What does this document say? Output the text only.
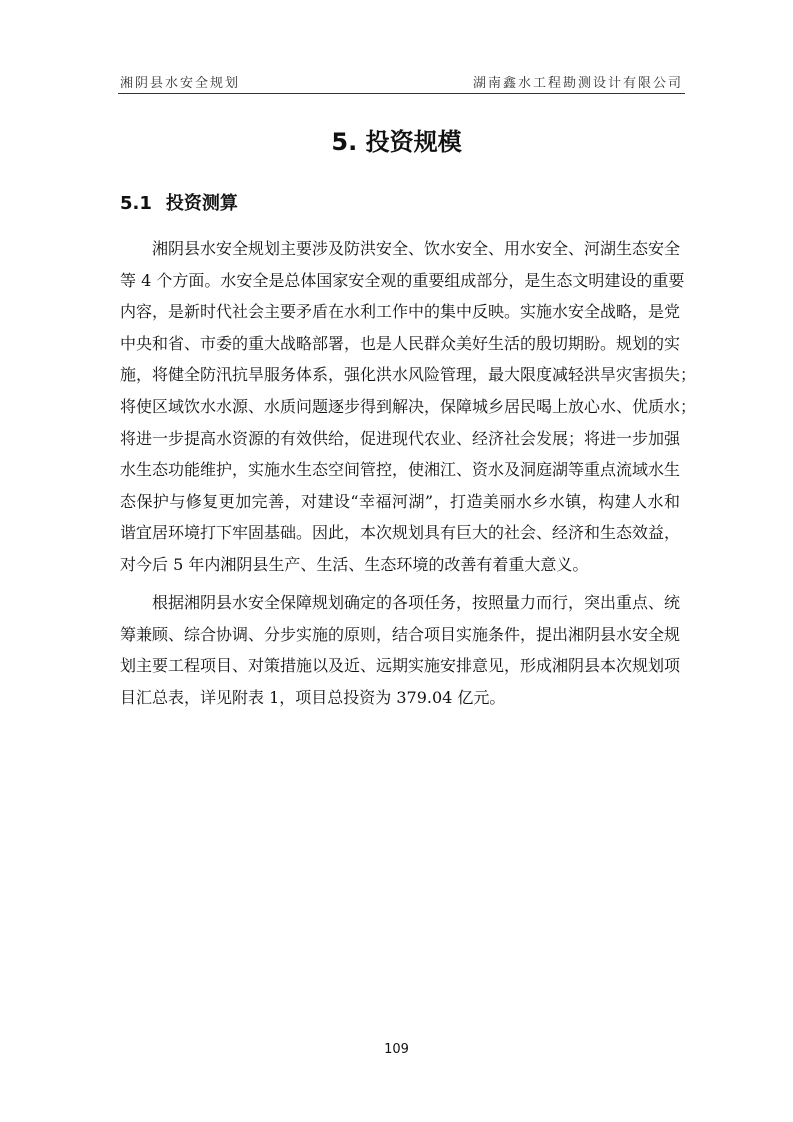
湘阴县水安全规划	湖南鑫水工程勘测设计有限公司
5. 投资规模
5.1 投资测算
　　湘阴县水安全规划主要涉及防洪安全、饮水安全、用水安全、河湖生态安全
等 4 个方面。水安全是总体国家安全观的重要组成部分，是生态文明建设的重要
内容，是新时代社会主要矛盾在水利工作中的集中反映。实施水安全战略，是党
中央和省、市委的重大战略部署，也是人民群众美好生活的殷切期盼。规划的实
施，将健全防汛抗旱服务体系，强化洪水风险管理，最大限度减轻洪旱灾害损失；
将使区域饮水水源、水质问题逐步得到解决，保障城乡居民喝上放心水、优质水；
将进一步提高水资源的有效供给，促进现代农业、经济社会发展；将进一步加强
水生态功能维护，实施水生态空间管控，使湘江、资水及洞庭湖等重点流域水生
态保护与修复更加完善，对建设“幸福河湖”，打造美丽水乡水镇，构建人水和
谐宜居环境打下牢固基础。因此，本次规划具有巨大的社会、经济和生态效益，
对今后 5 年内湘阴县生产、生活、生态环境的改善有着重大意义。
　　根据湘阴县水安全保障规划确定的各项任务，按照量力而行，突出重点、统
筹兼顾、综合协调、分步实施的原则，结合项目实施条件，提出湘阴县水安全规
划主要工程项目、对策措施以及近、远期实施安排意见，形成湘阴县本次规划项
目汇总表，详见附表 1，项目总投资为 379.04 亿元。
109
